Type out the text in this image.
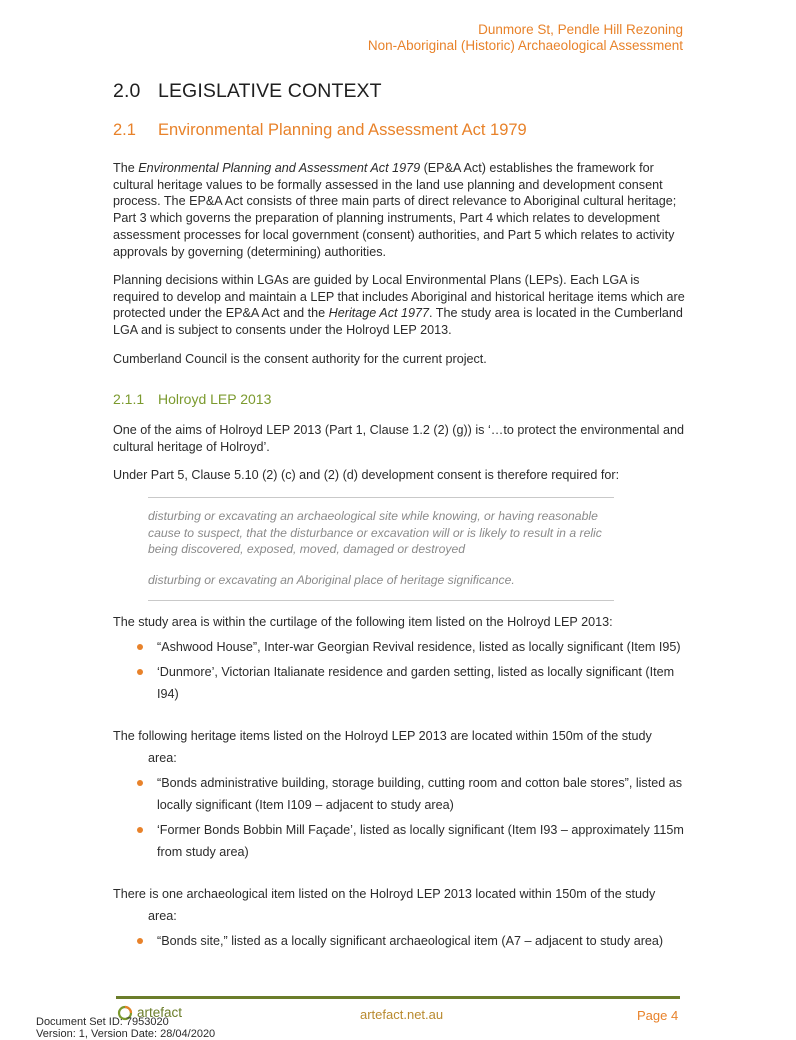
Dunmore St, Pendle Hill Rezoning
Non-Aboriginal (Historic) Archaeological Assessment
2.0 LEGISLATIVE CONTEXT
2.1 Environmental Planning and Assessment Act 1979

The Environmental Planning and Assessment Act 1979 (EP&A Act) establishes the framework for cultural heritage values to be formally assessed in the land use planning and development consent process. The EP&A Act consists of three main parts of direct relevance to Aboriginal cultural heritage; Part 3 which governs the preparation of planning instruments, Part 4 which relates to development assessment processes for local government (consent) authorities, and Part 5 which relates to activity approvals by governing (determining) authorities.

Planning decisions within LGAs are guided by Local Environmental Plans (LEPs). Each LGA is required to develop and maintain a LEP that includes Aboriginal and historical heritage items which are protected under the EP&A Act and the Heritage Act 1977. The study area is located in the Cumberland LGA and is subject to consents under the Holroyd LEP 2013.

Cumberland Council is the consent authority for the current project.

2.1.1 Holroyd LEP 2013

One of the aims of Holroyd LEP 2013 (Part 1, Clause 1.2 (2) (g)) is ‘…to protect the environmental and cultural heritage of Holroyd’.

Under Part 5, Clause 5.10 (2) (c) and (2) (d) development consent is therefore required for:

disturbing or excavating an archaeological site while knowing, or having reasonable cause to suspect, that the disturbance or excavation will or is likely to result in a relic being discovered, exposed, moved, damaged or destroyed

disturbing or excavating an Aboriginal place of heritage significance.

The study area is within the curtilage of the following item listed on the Holroyd LEP 2013:

“Ashwood House”, Inter-war Georgian Revival residence, listed as locally significant (Item I95)
‘Dunmore’, Victorian Italianate residence and garden setting, listed as locally significant (Item I94)
The following heritage items listed on the Holroyd LEP 2013 are located within 150m of the study
area:
“Bonds administrative building, storage building, cutting room and cotton bale stores”, listed as locally significant (Item I109 – adjacent to study area)
‘Former Bonds Bobbin Mill Façade’, listed as locally significant (Item I93 – approximately 115m from study area)
There is one archaeological item listed on the Holroyd LEP 2013 located within 150m of the study
area:
“Bonds site,” listed as a locally significant archaeological item (A7 – adjacent to study area)
artefact	artefact.net.au	Page 4
Document Set ID: 7953020
Version: 1, Version Date: 28/04/2020
